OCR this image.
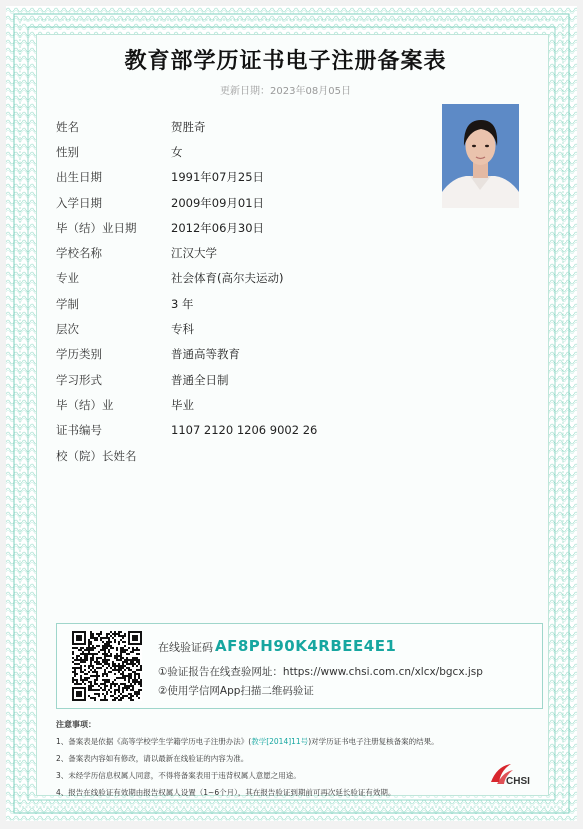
教育部学历证书电子注册备案表
更新日期：2023年08月05日
姓名	贺胜奇
性别	女
出生日期	1991年07月25日
入学日期	2009年09月01日
毕（结）业日期	2012年06月30日
学校名称	江汉大学
专业	社会体育(高尔夫运动)
学制	3 年
层次	专科
学历类别	普通高等教育
学习形式	普通全日制
毕（结）业	毕业
证书编号	1107 2120 1206 9002 26
校（院）长姓名
在线验证码 AF8PH90K4RBEE4E1
①验证报告在线查验网址：https://www.chsi.com.cn/xlcx/bgcx.jsp
②使用学信网App扫描二维码验证
注意事项：
1、备案表是依据《高等学校学生学籍学历电子注册办法》(教学[2014]11号)对学历证书电子注册复核备案的结果。
2、备案表内容如有修改，请以最新在线验证的内容为准。
3、未经学历信息权属人同意，不得将备案表用于违背权属人意愿之用途。
4、报告在线验证有效期由报告权属人设置（1~6个月），其在报告验证到期前可再次延长验证有效期。
CHSI
